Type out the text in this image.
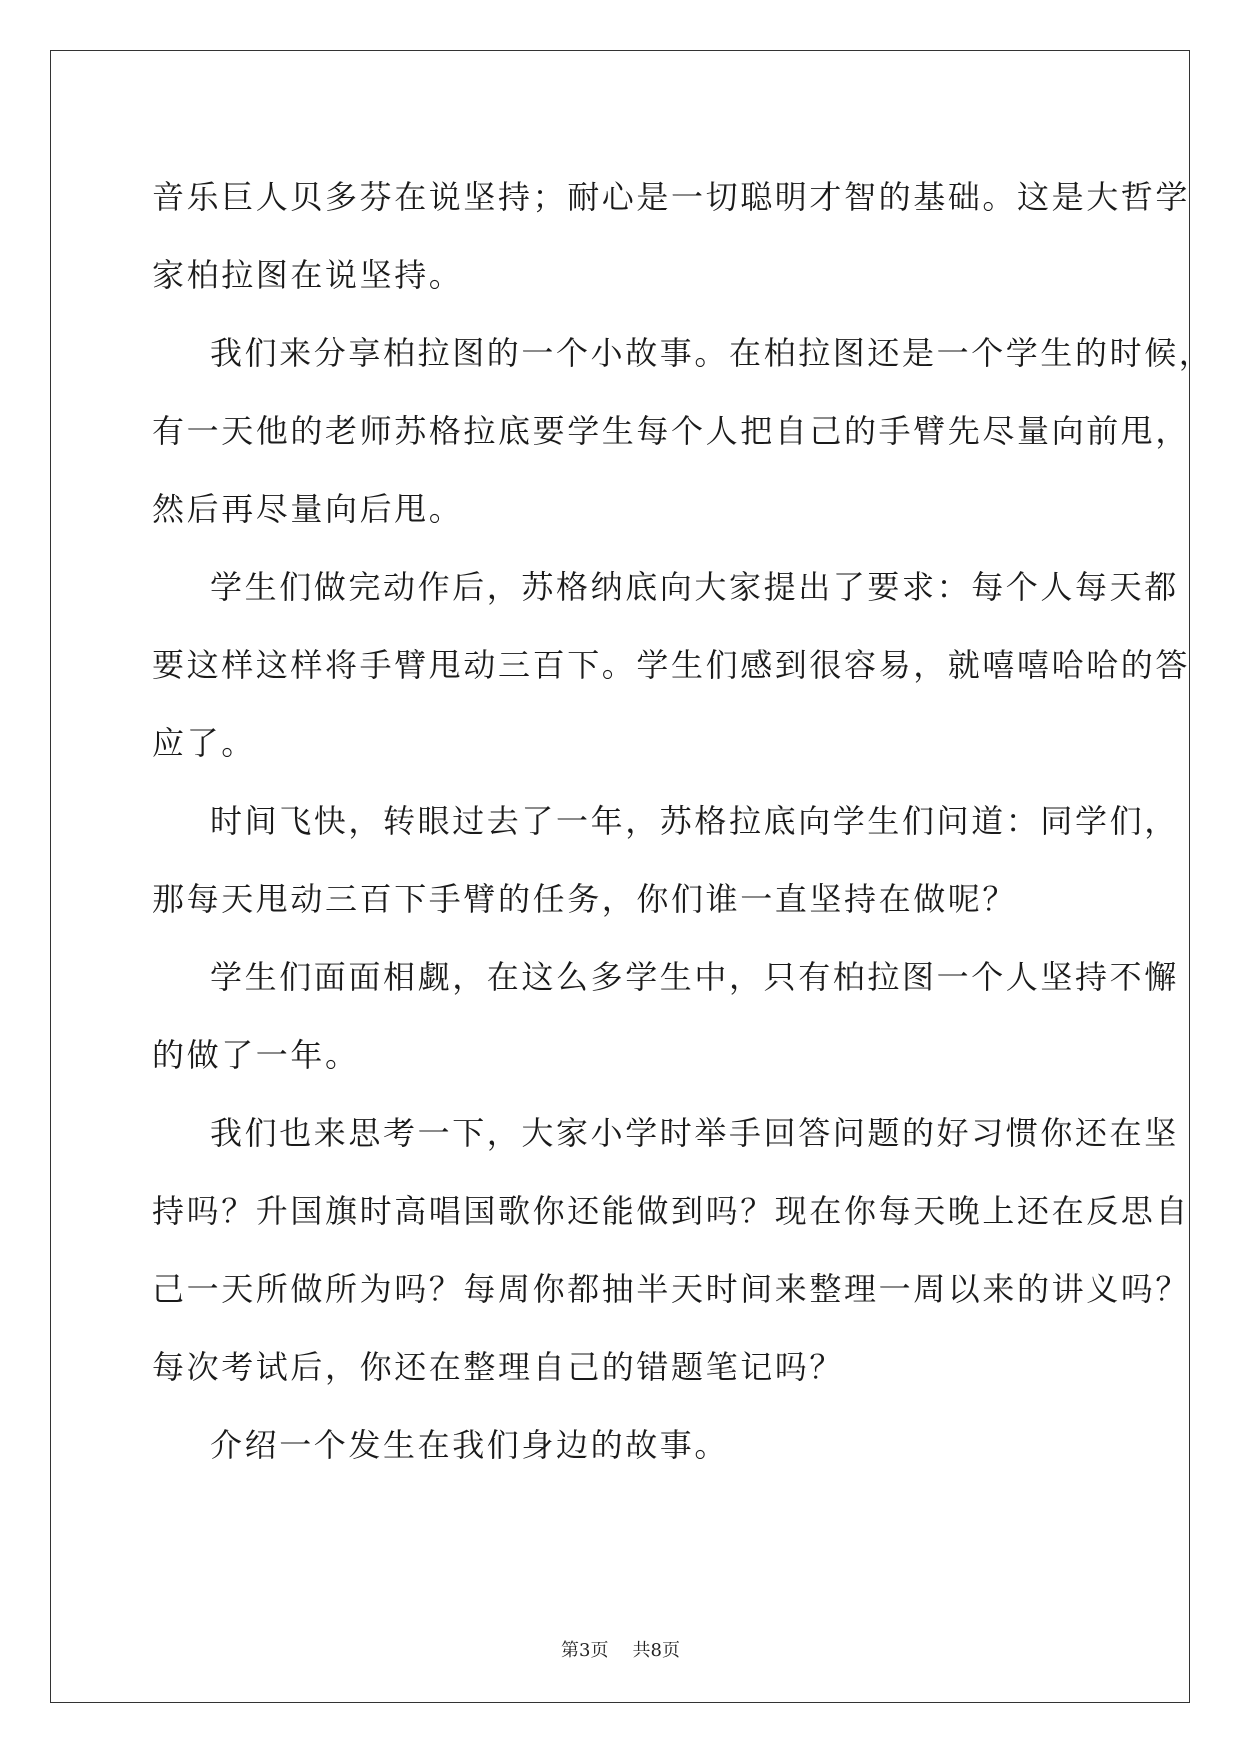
音乐巨人贝多芬在说坚持；耐心是一切聪明才智的基础。这是大哲学
家柏拉图在说坚持。

我们来分享柏拉图的一个小故事。在柏拉图还是一个学生的时候，
有一天他的老师苏格拉底要学生每个人把自己的手臂先尽量向前甩，
然后再尽量向后甩。

学生们做完动作后，苏格纳底向大家提出了要求：每个人每天都
要这样这样将手臂甩动三百下。学生们感到很容易，就嘻嘻哈哈的答
应了。

时间飞快，转眼过去了一年，苏格拉底向学生们问道：同学们，
那每天甩动三百下手臂的任务，你们谁一直坚持在做呢？

学生们面面相觑，在这么多学生中，只有柏拉图一个人坚持不懈
的做了一年。

我们也来思考一下，大家小学时举手回答问题的好习惯你还在坚
持吗？升国旗时高唱国歌你还能做到吗？现在你每天晚上还在反思自
己一天所做所为吗？每周你都抽半天时间来整理一周以来的讲义吗？
每次考试后，你还在整理自己的错题笔记吗？

介绍一个发生在我们身边的故事。

第3页 共8页
